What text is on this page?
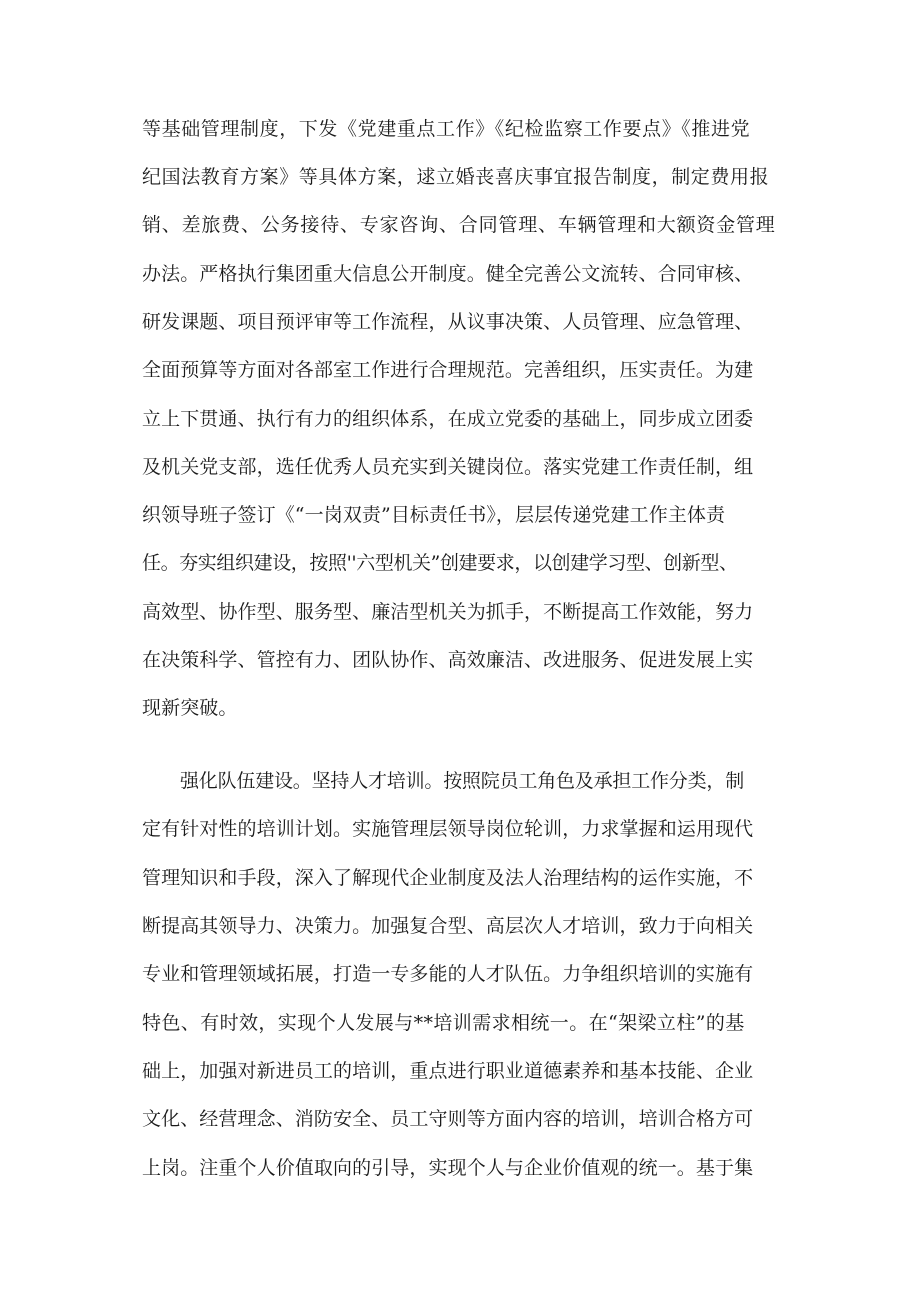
等基础管理制度，下发《党建重点工作》《纪检监察工作要点》《推进党
纪国法教育方案》等具体方案，逑立婚丧喜庆事宜报告制度，制定费用报
销、差旅费、公务接待、专家咨询、合同管理、车辆管理和大额资金管理
办法。严格执行集团重大信息公开制度。健全完善公文流转、合同审核、
研发课题、项目预评审等工作流程，从议事决策、人员管理、应急管理、
全面预算等方面对各部室工作进行合理规范。完善组织，压实责任。为建
立上下贯通、执行有力的组织体系，在成立党委的基础上，同步成立团委
及机关党支部，选任优秀人员充实到关键岗位。落实党建工作责任制，组
织领导班子签订《“一岗双责”目标责任书》，层层传递党建工作主体责
任。夯实组织建设，按照''六型机关”创建要求，以创建学习型、创新型、
高效型、协作型、服务型、廉洁型机关为抓手，不断提高工作效能，努力
在决策科学、管控有力、团队协作、高效廉洁、改进服务、促进发展上实
现新突破。
强化队伍建设。坚持人才培训。按照院员工角色及承担工作分类，制
定有针对性的培训计划。实施管理层领导岗位轮训，力求掌握和运用现代
管理知识和手段，深入了解现代企业制度及法人治理结构的运作实施，不
断提高其领导力、决策力。加强复合型、高层次人才培训，致力于向相关
专业和管理领域拓展，打造一专多能的人才队伍。力争组织培训的实施有
特色、有时效，实现个人发展与**培训需求相统一。在“架梁立柱”的基
础上，加强对新进员工的培训，重点进行职业道德素养和基本技能、企业
文化、经营理念、消防安全、员工守则等方面内容的培训，培训合格方可
上岗。注重个人价值取向的引导，实现个人与企业价值观的统一。基于集
